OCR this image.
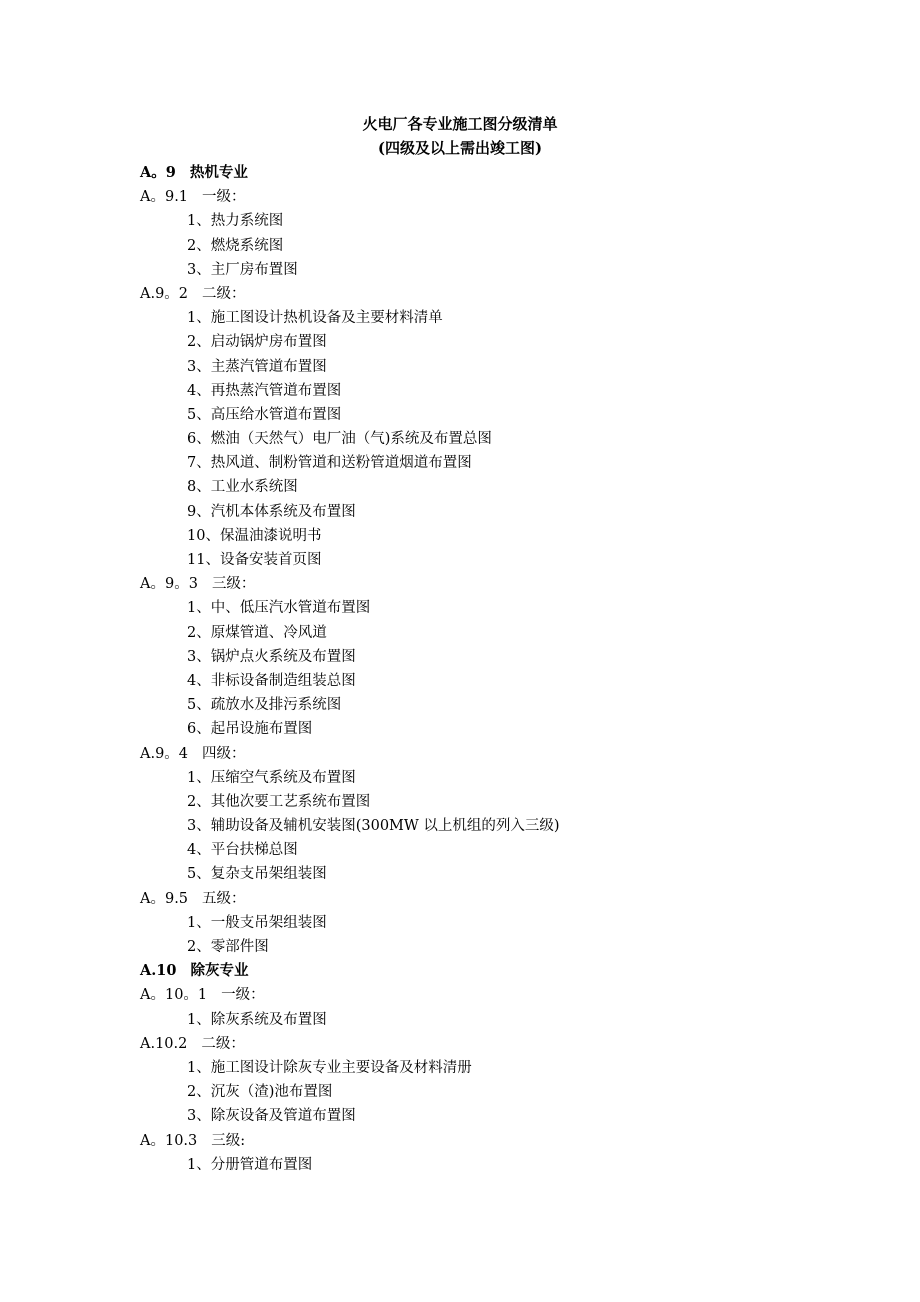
火电厂各专业施工图分级清单
(四级及以上需出竣工图)
A。9 热机专业
A。9.1 一级：
1、热力系统图
2、燃烧系统图
3、主厂房布置图
A.9。2 二级：
1、施工图设计热机设备及主要材料清单
2、启动锅炉房布置图
3、主蒸汽管道布置图
4、再热蒸汽管道布置图
5、高压给水管道布置图
6、燃油（天然气）电厂油（气)系统及布置总图
7、热风道、制粉管道和送粉管道烟道布置图
8、工业水系统图
9、汽机本体系统及布置图
10、保温油漆说明书
11、设备安装首页图
A。9。3 三级：
1、中、低压汽水管道布置图
2、原煤管道、冷风道
3、锅炉点火系统及布置图
4、非标设备制造组装总图
5、疏放水及排污系统图
6、起吊设施布置图
A.9。4 四级：
1、压缩空气系统及布置图
2、其他次要工艺系统布置图
3、辅助设备及辅机安装图(300MW 以上机组的列入三级)
4、平台扶梯总图
5、复杂支吊架组装图
A。9.5 五级：
1、一般支吊架组装图
2、零部件图
A.10 除灰专业
A。10。1 一级：
1、除灰系统及布置图
A.10.2 二级：
1、施工图设计除灰专业主要设备及材料清册
2、沉灰（渣)池布置图
3、除灰设备及管道布置图
A。10.3 三级:
1、分册管道布置图
